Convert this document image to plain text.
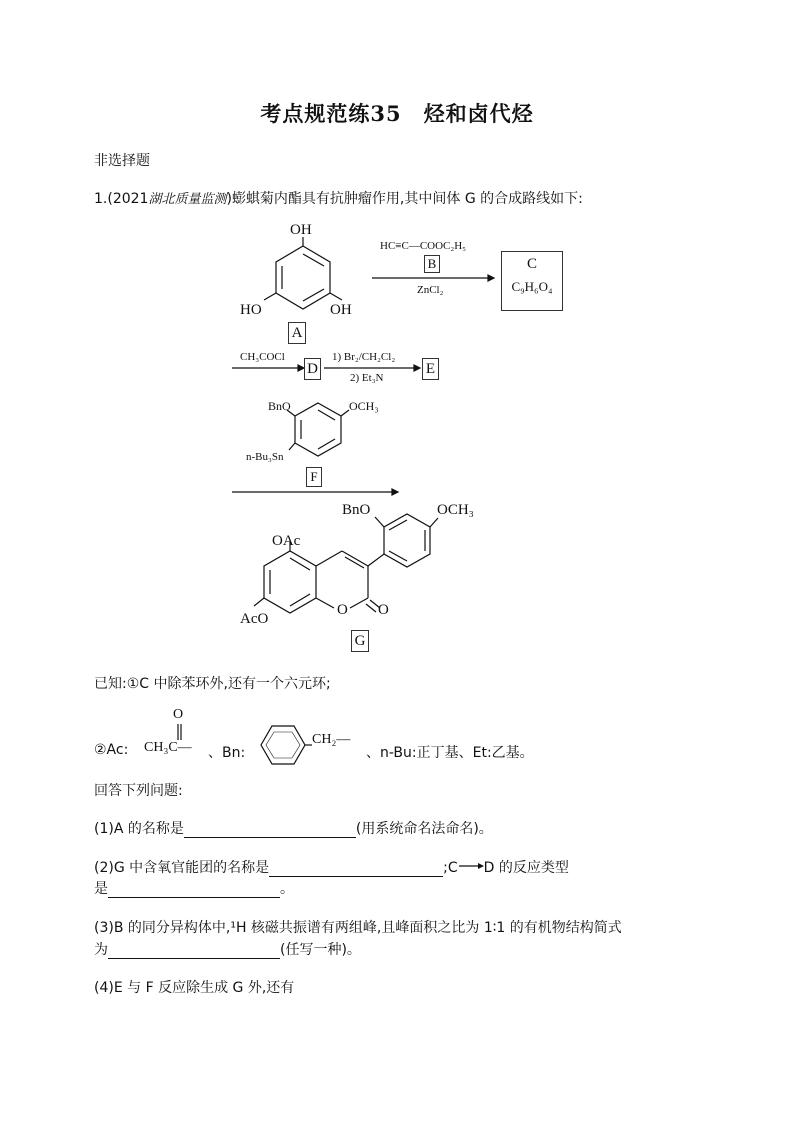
考点规范练35　烃和卤代烃
非选择题
1.(2021湖北质量监测)蟛蜞菊内酯具有抗肿瘤作用,其中间体 G 的合成路线如下:
OH
HO	OH
A
HC≡C—COOC₂H₅
B
ZnCl₂
C
C₉H₆O₄
CH₃COCl
D
1) Br₂/CH₂Cl₂
2) Et₃N
E
BnO	OCH₃
n-Bu₃Sn
F
BnO	OCH₃
OAc
AcO
O O
G
已知:①C 中除苯环外,还有一个六元环;
②Ac:
O
CH₃C— 、Bn:
CH₂—
、n-Bu:正丁基、Et:乙基。
回答下列问题:
(1)A 的名称是	(用系统命名法命名)。
(2)G 中含氧官能团的名称是	;C→D 的反应类型
是	。
(3)B 的同分异构体中,¹H 核磁共振谱有两组峰,且峰面积之比为 1∶1 的有机物结构简式
为	(任写一种)。
(4)E 与 F 反应除生成 G 外,还有
